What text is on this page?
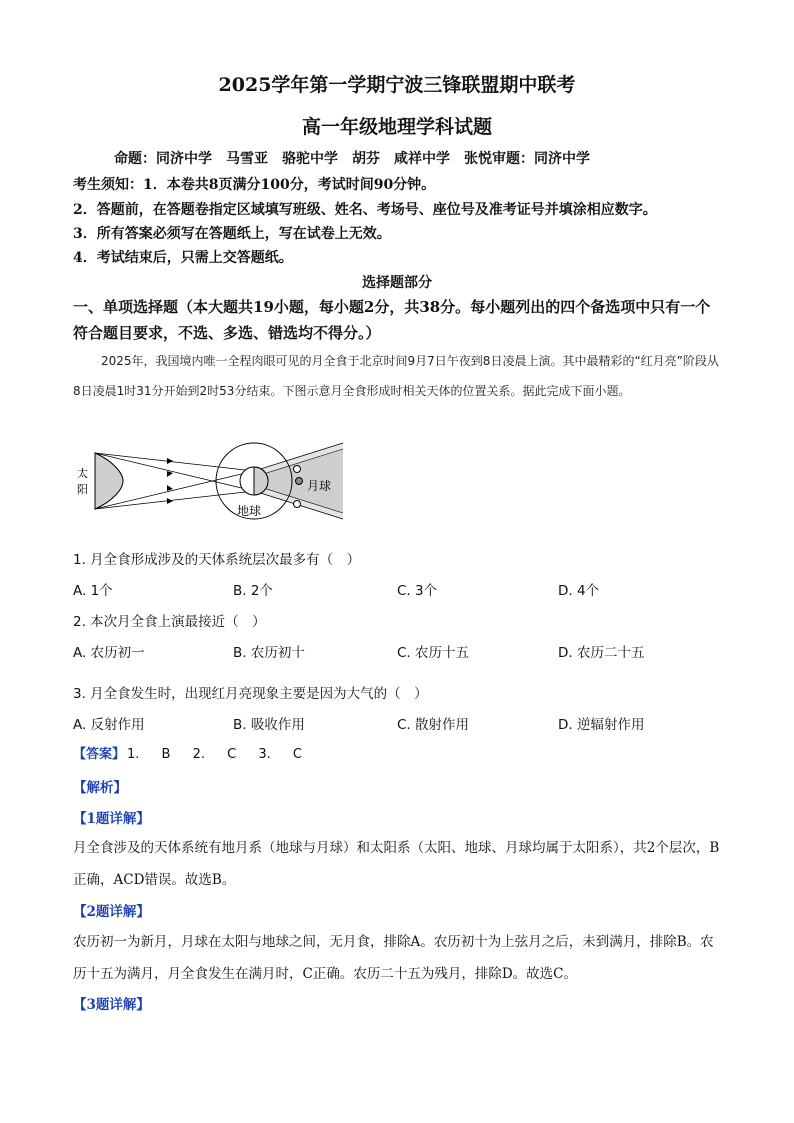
2025学年第一学期宁波三锋联盟期中联考
高一年级地理学科试题
命题：同济中学　马雪亚　骆驼中学　胡芬　咸祥中学　张悦审题：同济中学
考生须知：1．本卷共8页满分100分，考试时间90分钟。
2．答题前，在答题卷指定区域填写班级、姓名、考场号、座位号及准考证号并填涂相应数字。
3．所有答案必须写在答题纸上，写在试卷上无效。
4．考试结束后，只需上交答题纸。
选择题部分
一、单项选择题（本大题共19小题，每小题2分，共38分。每小题列出的四个备选项中只有一个符合题目要求，不选、多选、错选均不得分。）
2025年，我国境内唯一全程肉眼可见的月全食于北京时间9月7日午夜到8日凌晨上演。其中最精彩的“红月亮”阶段从8日凌晨1时31分开始到2时53分结束。下图示意月全食形成时相关天体的位置关系。据此完成下面小题。
太
阳
地球
月球
1. 月全食形成涉及的天体系统层次最多有（　）
A. 1个	B. 2个	C. 3个	D. 4个
2. 本次月全食上演最接近（　）
A. 农历初一	B. 农历初十	C. 农历十五	D. 农历二十五
3. 月全食发生时，出现红月亮现象主要是因为大气的（　）
A. 反射作用	B. 吸收作用	C. 散射作用	D. 逆辐射作用
【答案】 1. B 2. C 3. C
【解析】
【1题详解】
月全食涉及的天体系统有地月系（地球与月球）和太阳系（太阳、地球、月球均属于太阳系），共2个层次，B正确，ACD错误。故选B。
【2题详解】
农历初一为新月，月球在太阳与地球之间，无月食，排除A。农历初十为上弦月之后，未到满月，排除B。农历十五为满月，月全食发生在满月时，C正确。农历二十五为残月，排除D。故选C。
【3题详解】
